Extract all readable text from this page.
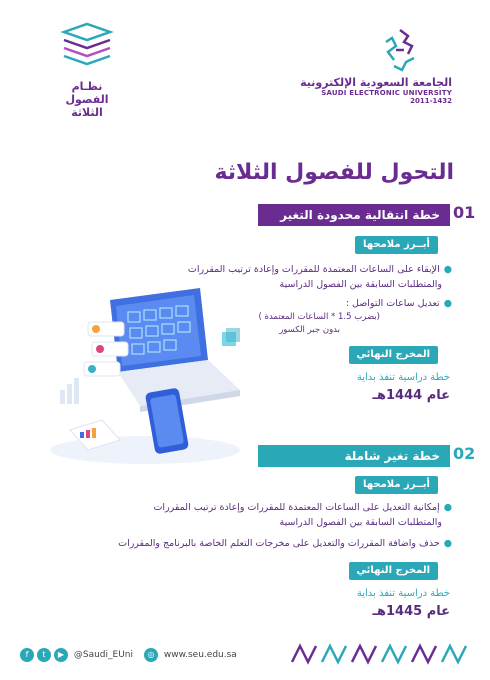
نظـام
الفصول الثلاثة
الجامعة السعودية الإلكترونية
SAUDI ELECTRONIC UNIVERSITY
2011-1432
التحول للفصول الثلاثة
01
خطة انتقالية محدودة التغير
أبــرز ملامحها
●الإبقاء على الساعات المعتمدة للمقررات وإعادة ترتيب المقررات
والمتطلبات السابقة بين الفصول الدراسية
●تعديل ساعات التواصل :
(بضرب 1.5 * الساعات المعتمدة )
بدون جبر الكسور
المخرج النهائي
خطة دراسية تنفذ بداية
عام 1444هـ
02
خطة تغير شاملة
أبــرز ملامحها
●إمكانية التعديل على الساعات المعتمدة للمقررات وإعادة ترتيب المقررات
والمتطلبات السابقة بين الفصول الدراسية
●حذف واضافة المقررات والتعديل على مخرجات التعلم الخاصة بالبرنامج والمقررات
المخرج النهائي
خطة دراسية تنفذ بداية
عام 1445هـ
f t ▶ @Saudi_EUni	◎ www.seu.edu.sa
